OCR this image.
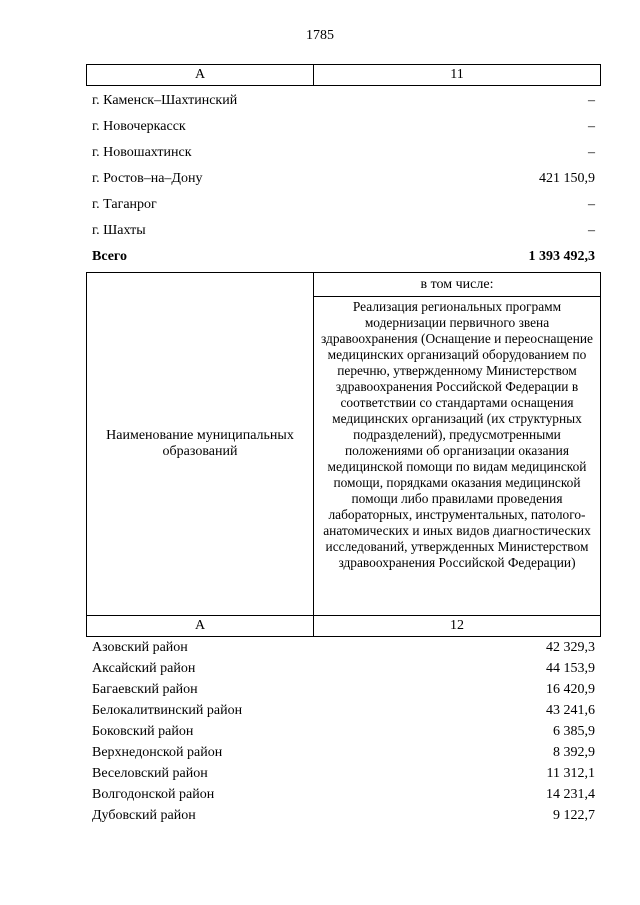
1785
А	11
г. Каменск–Шахтинский	–
г. Новочеркасск	–
г. Новошахтинск	–
г. Ростов–на–Дону	421 150,9
г. Таганрог	–
г. Шахты	–
Всего	1 393 492,3
Наименование муниципальных образований
в том числе:
Реализация региональных программ модернизации первичного звена здравоохранения (Оснащение и переоснащение медицинских организаций оборудованием по перечню, утвержденному Министерством здравоохранения Российской Федерации в соответствии со стандартами оснащения медицинских организаций (их структурных подразделений), предусмотренными положениями об организации оказания медицинской помощи по видам медицинской помощи, порядками оказания медицинской помощи либо правилами проведения лабораторных, инструментальных, патолого-анатомических и иных видов диагностических исследований, утвержденных Министерством здравоохранения Российской Федерации)
А	12
Азовский район	42 329,3
Аксайский район	44 153,9
Багаевский район	16 420,9
Белокалитвинский район	43 241,6
Боковский район	6 385,9
Верхнедонской район	8 392,9
Веселовский район	11 312,1
Волгодонской район	14 231,4
Дубовский район	9 122,7
